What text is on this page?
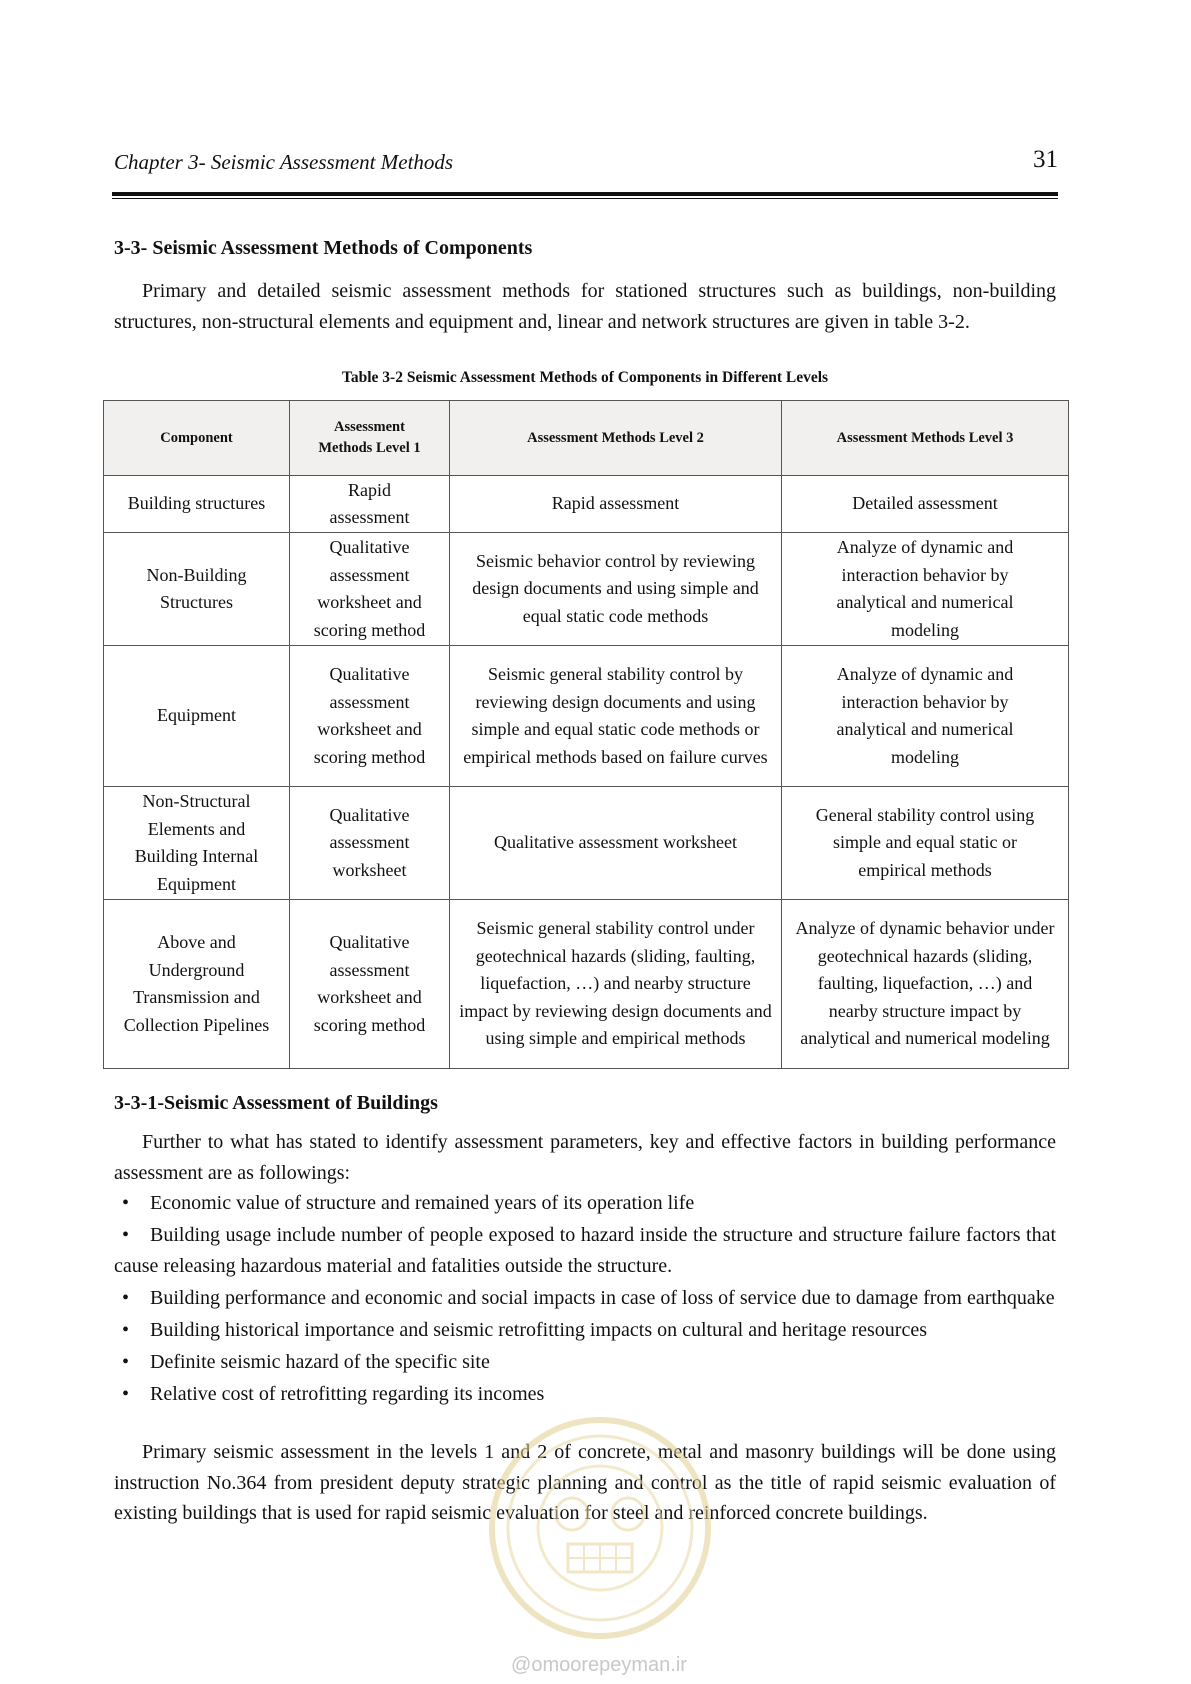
Chapter 3- Seismic Assessment Methods	31
3-3- Seismic Assessment Methods of Components
Primary and detailed seismic assessment methods for stationed structures such as buildings, non-building structures, non-structural elements and equipment and, linear and network structures are given in table 3-2.
Table 3-2 Seismic Assessment Methods of Components in Different Levels
Component	Assessment Methods Level 1	Assessment Methods Level 2	Assessment Methods Level 3
Building structures	Rapid assessment	Rapid assessment	Detailed assessment
Non-Building Structures	Qualitative assessment worksheet and scoring method	Seismic behavior control by reviewing design documents and using simple and equal static code methods	Analyze of dynamic and interaction behavior by analytical and numerical modeling
Equipment	Qualitative assessment worksheet and scoring method	Seismic general stability control by reviewing design documents and using simple and equal static code methods or empirical methods based on failure curves	Analyze of dynamic and interaction behavior by analytical and numerical modeling
Non-Structural Elements and Building Internal Equipment	Qualitative assessment worksheet	Qualitative assessment worksheet	General stability control using simple and equal static or empirical methods
Above and Underground Transmission and Collection Pipelines	Qualitative assessment worksheet and scoring method	Seismic general stability control under geotechnical hazards (sliding, faulting, liquefaction, …) and nearby structure impact by reviewing design documents and using simple and empirical methods	Analyze of dynamic behavior under geotechnical hazards (sliding, faulting, liquefaction, …) and nearby structure impact by analytical and numerical modeling
3-3-1-Seismic Assessment of Buildings
Further to what has stated to identify assessment parameters, key and effective factors in building performance assessment are as followings:
• Economic value of structure and remained years of its operation life
• Building usage include number of people exposed to hazard inside the structure and structure failure factors that cause releasing hazardous material and fatalities outside the structure.
• Building performance and economic and social impacts in case of loss of service due to damage from earthquake
• Building historical importance and seismic retrofitting impacts on cultural and heritage resources
• Definite seismic hazard of the specific site
• Relative cost of retrofitting regarding its incomes
Primary seismic assessment in the levels 1 and 2 of concrete, metal and masonry buildings will be done using instruction No.364 from president deputy strategic planning and control as the title of rapid seismic evaluation of existing buildings that is used for rapid seismic evaluation for steel and reinforced concrete buildings.
@omoorepeyman.ir
